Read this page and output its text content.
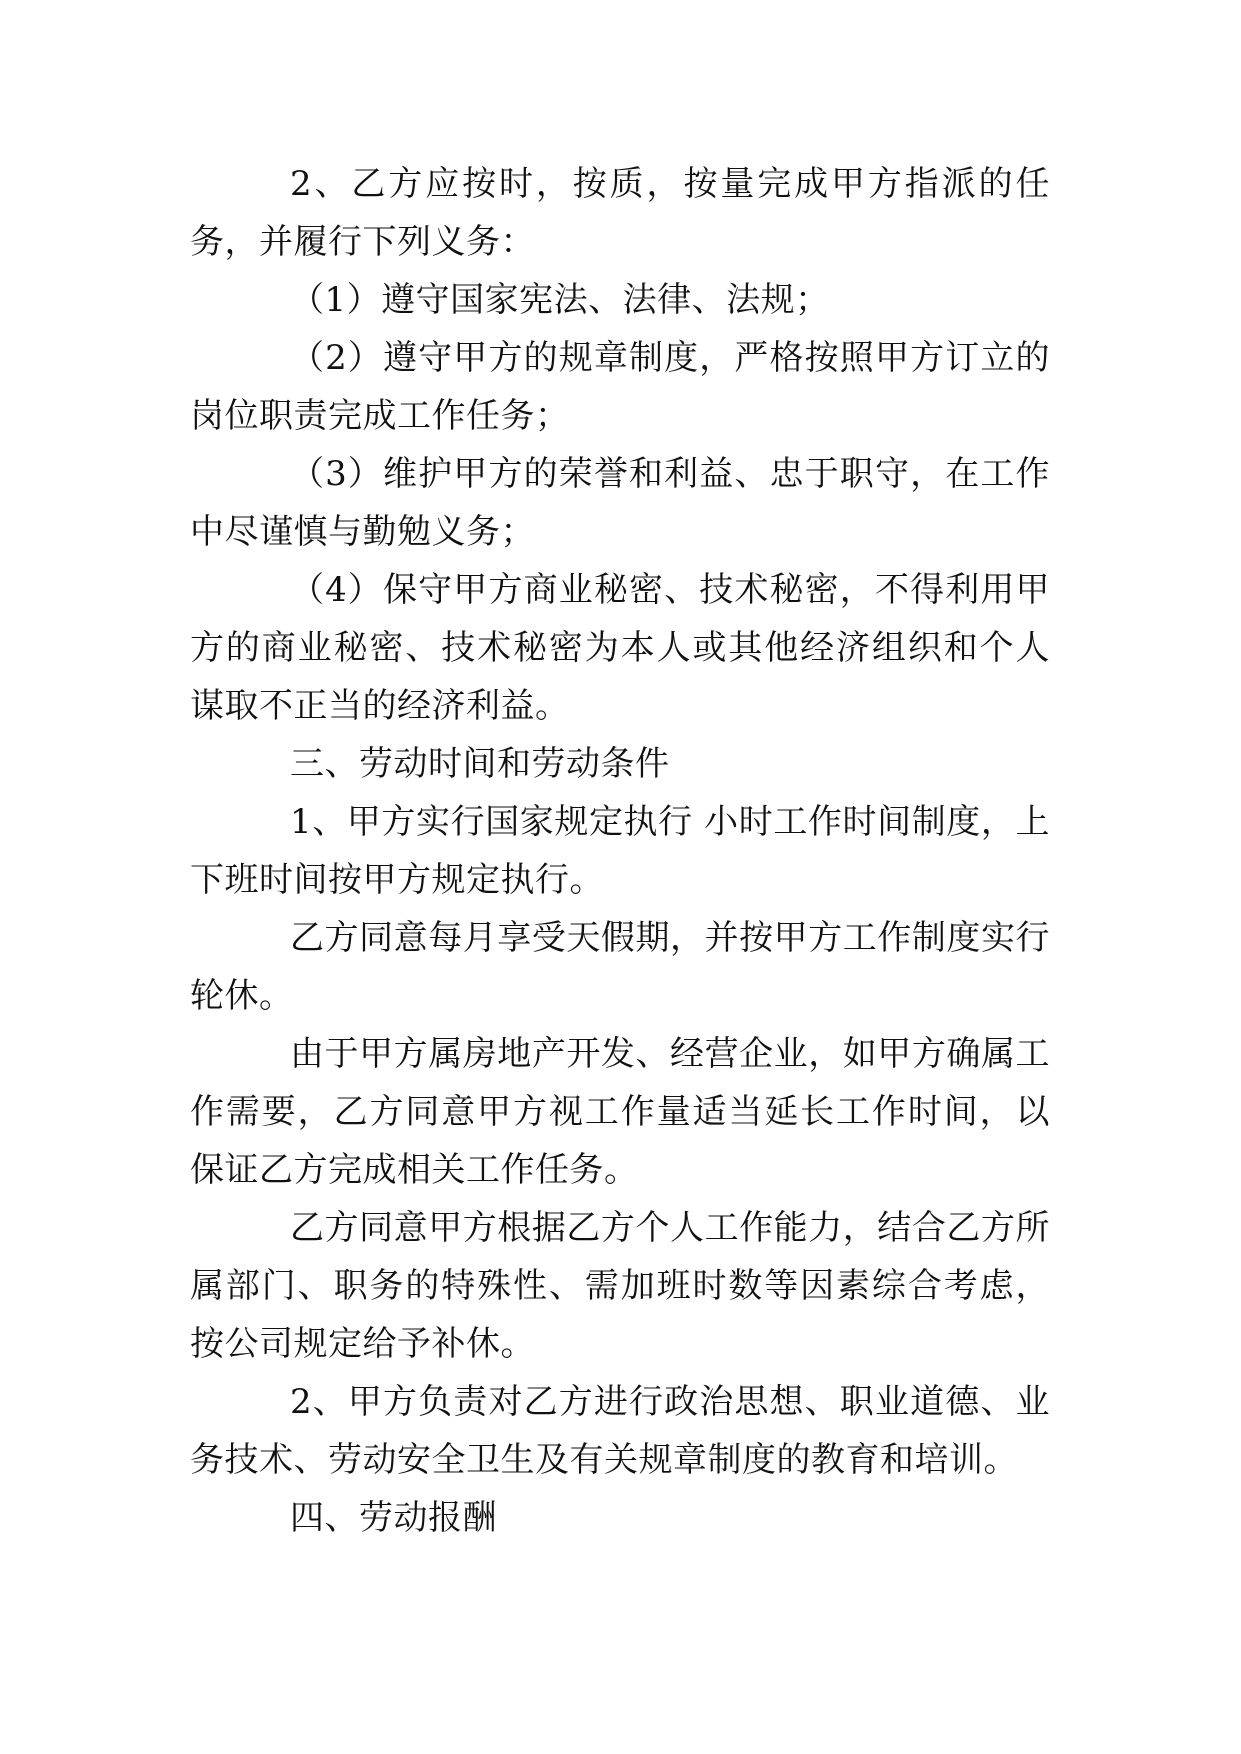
2、乙方应按时，按质，按量完成甲方指派的任务，并履行下列义务：

（1）遵守国家宪法、法律、法规；

（2）遵守甲方的规章制度，严格按照甲方订立的岗位职责完成工作任务；

（3）维护甲方的荣誉和利益、忠于职守，在工作中尽谨慎与勤勉义务；

（4）保守甲方商业秘密、技术秘密，不得利用甲方的商业秘密、技术秘密为本人或其他经济组织和个人谋取不正当的经济利益。

三、劳动时间和劳动条件

1、甲方实行国家规定执行 小时工作时间制度，上下班时间按甲方规定执行。

乙方同意每月享受天假期，并按甲方工作制度实行轮休。

由于甲方属房地产开发、经营企业，如甲方确属工作需要，乙方同意甲方视工作量适当延长工作时间，以保证乙方完成相关工作任务。

乙方同意甲方根据乙方个人工作能力，结合乙方所属部门、职务的特殊性、需加班时数等因素综合考虑，按公司规定给予补休。

2、甲方负责对乙方进行政治思想、职业道德、业务技术、劳动安全卫生及有关规章制度的教育和培训。

四、劳动报酬
